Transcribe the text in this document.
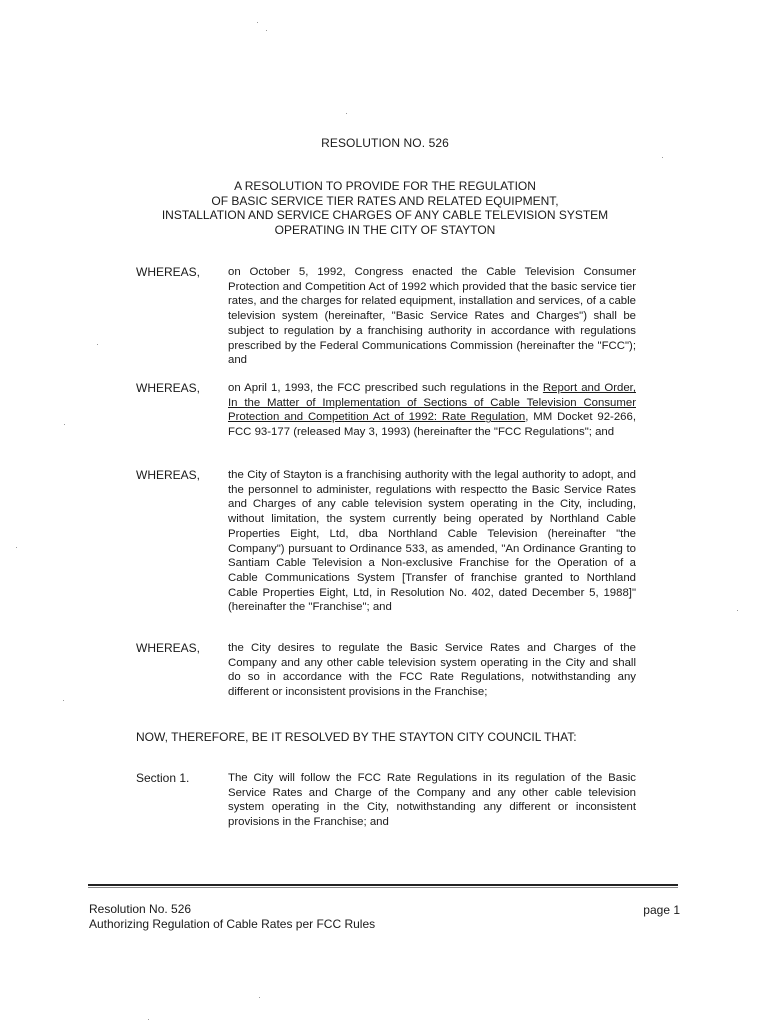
RESOLUTION NO. 526
A RESOLUTION TO PROVIDE FOR THE REGULATION
OF BASIC SERVICE TIER RATES AND RELATED EQUIPMENT,
INSTALLATION AND SERVICE CHARGES OF ANY CABLE TELEVISION SYSTEM
OPERATING IN THE CITY OF STAYTON
WHEREAS,	on October 5, 1992, Congress enacted the Cable Television Consumer Protection and Competition Act of 1992 which provided that the basic service tier rates, and the charges for related equipment, installation and services, of a cable television system (hereinafter, "Basic Service Rates and Charges") shall be subject to regulation by a franchising authority in accordance with regulations prescribed by the Federal Communications Commission (hereinafter the "FCC"); and
WHEREAS,	on April 1, 1993, the FCC prescribed such regulations in the Report and Order, In the Matter of Implementation of Sections of Cable Television Consumer Protection and Competition Act of 1992: Rate Regulation, MM Docket 92-266, FCC 93-177 (released May 3, 1993) (hereinafter the "FCC Regulations"; and
WHEREAS,	the City of Stayton is a franchising authority with the legal authority to adopt, and the personnel to administer, regulations with respectto the Basic Service Rates and Charges of any cable television system operating in the City, including, without limitation, the system currently being operated by Northland Cable Properties Eight, Ltd, dba Northland Cable Television (hereinafter "the Company") pursuant to Ordinance 533, as amended, "An Ordinance Granting to Santiam Cable Television a Non-exclusive Franchise for the Operation of a Cable Communications System [Transfer of franchise granted to Northland Cable Properties Eight, Ltd, in Resolution No. 402, dated December 5, 1988]" (hereinafter the "Franchise"; and
WHEREAS,	the City desires to regulate the Basic Service Rates and Charges of the Company and any other cable television system operating in the City and shall do so in accordance with the FCC Rate Regulations, notwithstanding any different or inconsistent provisions in the Franchise;
NOW, THEREFORE, BE IT RESOLVED BY THE STAYTON CITY COUNCIL THAT:
Section 1.	The City will follow the FCC Rate Regulations in its regulation of the Basic Service Rates and Charge of the Company and any other cable television system operating in the City, notwithstanding any different or inconsistent provisions in the Franchise; and
Resolution No. 526
Authorizing Regulation of Cable Rates per FCC Rules
page 1
